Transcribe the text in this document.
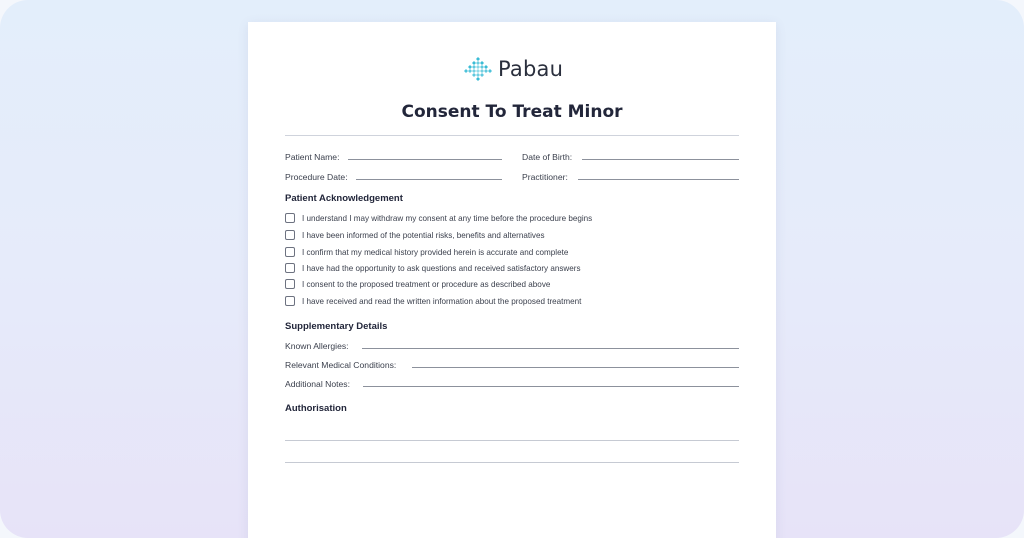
Pabau
Consent To Treat Minor
Patient Name:	Date of Birth:
Procedure Date:	Practitioner:
Patient Acknowledgement
I understand I may withdraw my consent at any time before the procedure begins
I have been informed of the potential risks, benefits and alternatives
I confirm that my medical history provided herein is accurate and complete
I have had the opportunity to ask questions and received satisfactory answers
I consent to the proposed treatment or procedure as described above
I have received and read the written information about the proposed treatment
Supplementary Details
Known Allergies:
Relevant Medical Conditions:
Additional Notes:
Authorisation
